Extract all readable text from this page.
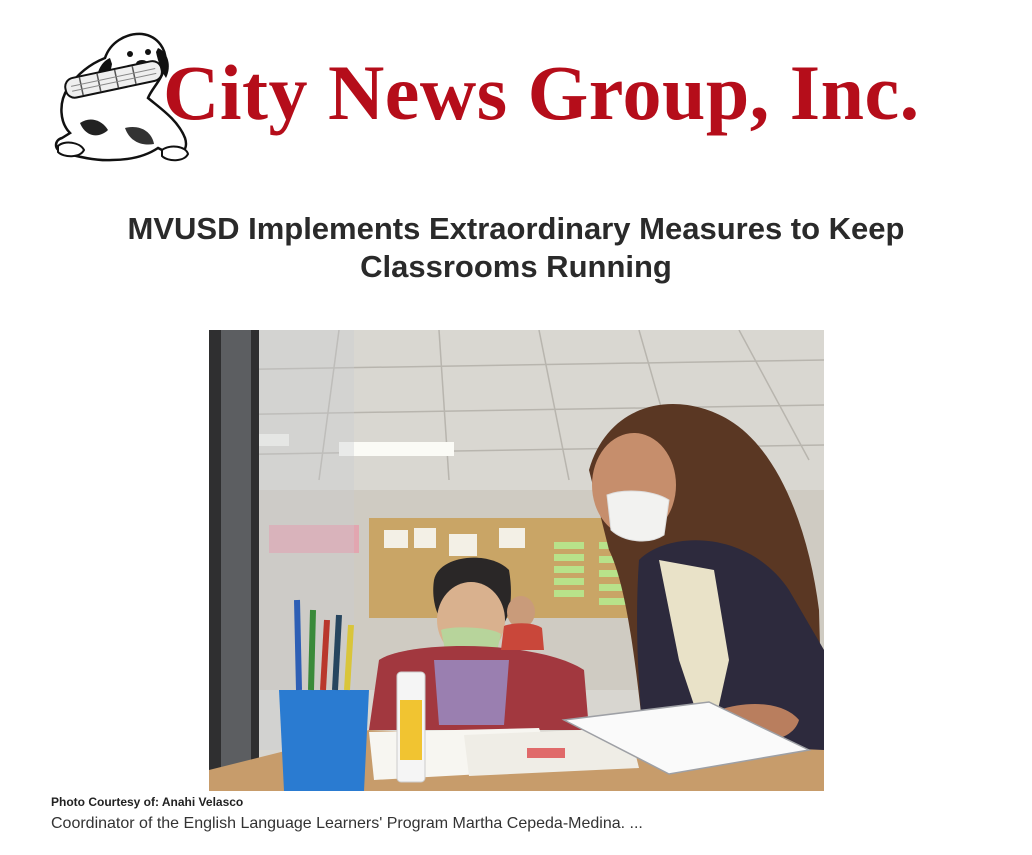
City News Group, Inc.
MVUSD Implements Extraordinary Measures to Keep Classrooms Running
Photo Courtesy of: Anahi Velasco
Coordinator of the English Language Learners' Program Martha Cepeda-Medina. ...
